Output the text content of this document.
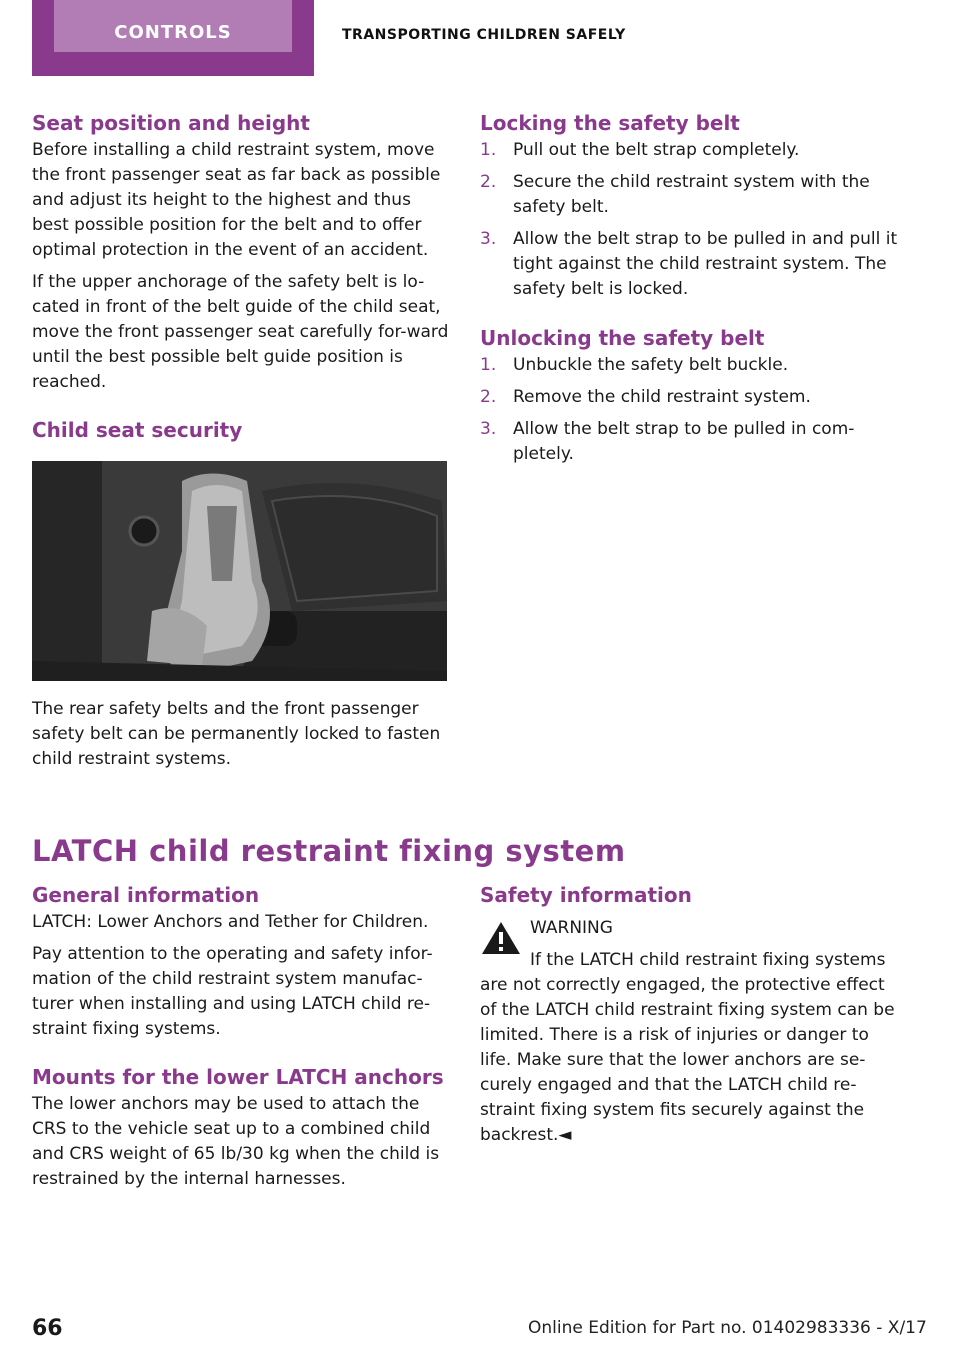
CONTROLS	TRANSPORTING CHILDREN SAFELY
Seat position and height

Before installing a child restraint system, move the front passenger seat as far back as possible and adjust its height to the highest and thus best possible position for the belt and to offer optimal protection in the event of an accident.

If the upper anchorage of the safety belt is lo-cated in front of the belt guide of the child seat, move the front passenger seat carefully for-ward until the best possible belt guide position is reached.

Child seat security

The rear safety belts and the front passenger safety belt can be permanently locked to fasten child restraint systems.

Locking the safety belt
1. Pull out the belt strap completely.
2. Secure the child restraint system with the safety belt.
3. Allow the belt strap to be pulled in and pull it tight against the child restraint system. The safety belt is locked.
Unlocking the safety belt
1. Unbuckle the safety belt buckle.
2. Remove the child restraint system.
3. Allow the belt strap to be pulled in com-pletely.
LATCH child restraint fixing system
General information

LATCH: Lower Anchors and Tether for Children.

Pay attention to the operating and safety infor-mation of the child restraint system manufac-turer when installing and using LATCH child re-straint fixing systems.

Mounts for the lower LATCH anchors

The lower anchors may be used to attach the CRS to the vehicle seat up to a combined child and CRS weight of 65 lb/30 kg when the child is restrained by the internal harnesses.

Safety information
WARNING
If the LATCH child restraint fixing systems are not correctly engaged, the protective effect of the LATCH child restraint fixing system can be limited. There is a risk of injuries or danger to life. Make sure that the lower anchors are se-curely engaged and that the LATCH child re-straint fixing system fits securely against the backrest.◄
66	Online Edition for Part no. 01402983336 - X/17
